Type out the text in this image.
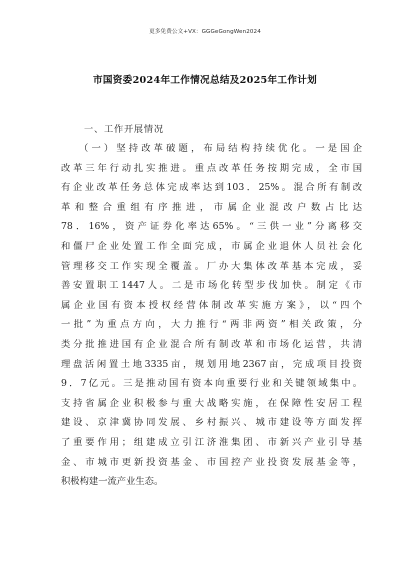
更多免费公文+VX：GGGeGongWen2024
市国资委2024年工作情况总结及2025年工作计划
一、工作开展情况
（一）坚持改革破题，布局结构持续优化。一是国企
改革三年行动扎实推进。重点改革任务按期完成，全市国
有企业改革任务总体完成率达到103．25%。混合所有制改
革和整合重组有序推进，市属企业混改户数占比达
78．16%，资产证券化率达65%。“三供一业”分离移交
和僵尸企业处置工作全面完成，市属企业退休人员社会化
管理移交工作实现全覆盖。厂办大集体改革基本完成，妥
善安置职工1447人。二是市场化转型步伐加快。制定《市
属企业国有资本授权经营体制改革实施方案》，以“四个
一批”为重点方向，大力推行“两非两资”相关政策，分
类分批推进国有企业混合所有制改革和市场化运营，共清
理盘活闲置土地3335亩，规划用地2367亩，完成项目投资
9．7亿元。三是推动国有资本向重要行业和关键领域集中。
支持省属企业积极参与重大战略实施，在保障性安居工程
建设、京津冀协同发展、乡村振兴、城市建设等方面发挥
了重要作用；组建成立引江济淮集团、市新兴产业引导基
金、市城市更新投资基金、市国控产业投资发展基金等，
积极构建一流产业生态。
